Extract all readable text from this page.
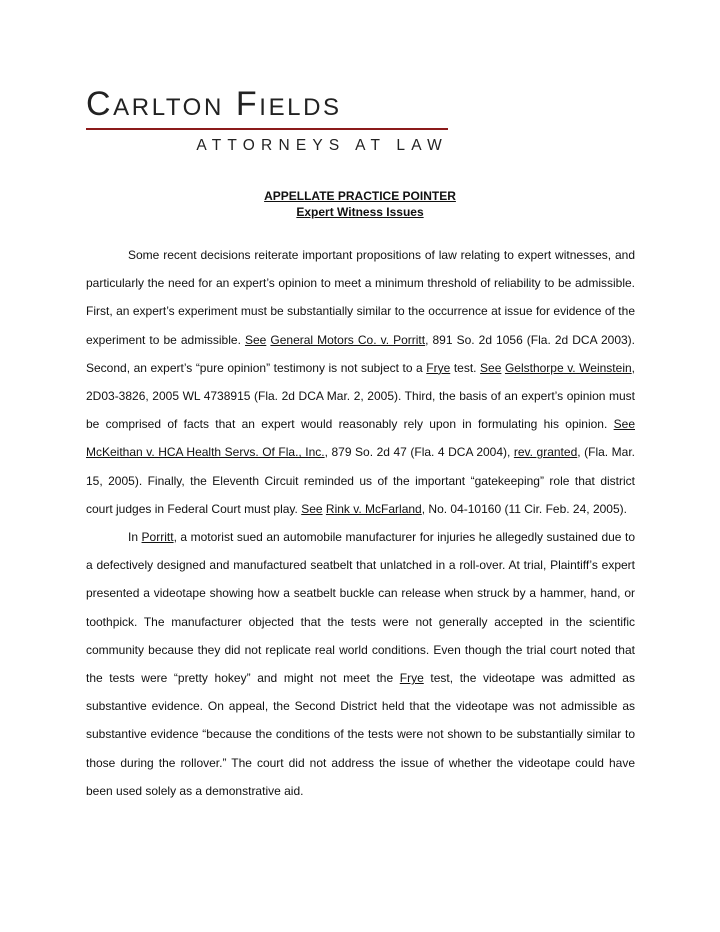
Carlton Fields
ATTORNEYS AT LAW
APPELLATE PRACTICE POINTER
Expert Witness Issues

Some recent decisions reiterate important propositions of law relating to expert witnesses, and particularly the need for an expert’s opinion to meet a minimum threshold of reliability to be admissible. First, an expert’s experiment must be substantially similar to the occurrence at issue for evidence of the experiment to be admissible. See General Motors Co. v. Porritt, 891 So. 2d 1056 (Fla. 2d DCA 2003). Second, an expert’s “pure opinion” testimony is not subject to a Frye test. See Gelsthorpe v. Weinstein, 2D03-3826, 2005 WL 4738915 (Fla. 2d DCA Mar. 2, 2005). Third, the basis of an expert’s opinion must be comprised of facts that an expert would reasonably rely upon in formulating his opinion. See McKeithan v. HCA Health Servs. Of Fla., Inc., 879 So. 2d 47 (Fla. 4 DCA 2004), rev. granted, (Fla. Mar. 15, 2005). Finally, the Eleventh Circuit reminded us of the important “gatekeeping” role that district court judges in Federal Court must play. See Rink v. McFarland, No. 04-10160 (11 Cir. Feb. 24, 2005).

In Porritt, a motorist sued an automobile manufacturer for injuries he allegedly sustained due to a defectively designed and manufactured seatbelt that unlatched in a roll-over. At trial, Plaintiff’s expert presented a videotape showing how a seatbelt buckle can release when struck by a hammer, hand, or toothpick. The manufacturer objected that the tests were not generally accepted in the scientific community because they did not replicate real world conditions. Even though the trial court noted that the tests were “pretty hokey” and might not meet the Frye test, the videotape was admitted as substantive evidence. On appeal, the Second District held that the videotape was not admissible as substantive evidence “because the conditions of the tests were not shown to be substantially similar to those during the rollover.” The court did not address the issue of whether the videotape could have been used solely as a demonstrative aid.
